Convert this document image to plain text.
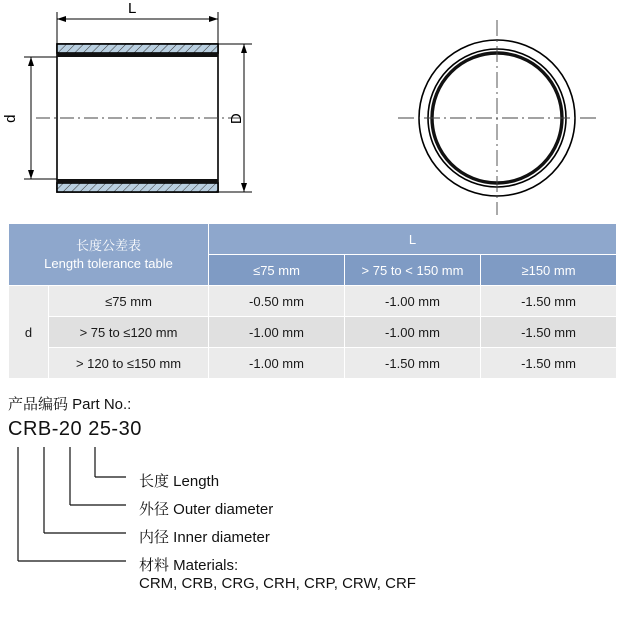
L
d	D
长度公差表
Length tolerance table		L		
		≤75 mm	> 75 to < 150 mm	≥150 mm
d	≤75 mm	-0.50 mm	-1.00 mm	-1.50 mm
	> 75 to ≤120 mm	-1.00 mm	-1.00 mm	-1.50 mm
	> 120 to ≤150 mm	-1.00 mm	-1.50 mm	-1.50 mm
产品编码 Part No.:
CRB-20 25-30
长度 Length
外径 Outer diameter
内径 Inner diameter
材料 Materials:
CRM, CRB, CRG, CRH, CRP, CRW, CRF
